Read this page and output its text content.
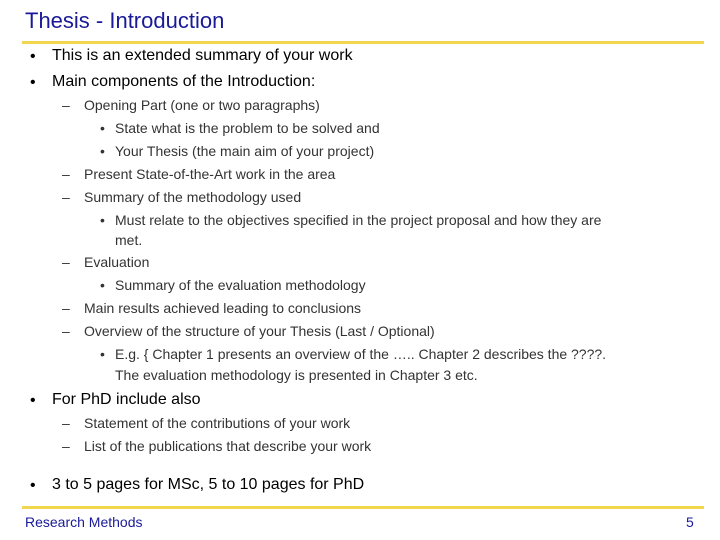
Thesis - Introduction
• This is an extended summary of your work
• Main components of the Introduction:
– Opening Part (one or two paragraphs)
• State what is the problem to be solved and
• Your Thesis (the main aim of your project)
– Present State-of-the-Art work in the area
– Summary of the methodology used
• Must relate to the objectives specified in the project proposal and how they are
met.
– Evaluation
• Summary of the evaluation methodology
– Main results achieved leading to conclusions
– Overview of the structure of your Thesis (Last / Optional)
• E.g. { Chapter 1 presents an overview of the ….. Chapter 2 describes the ????.
The evaluation methodology is presented in Chapter 3 etc.
• For PhD include also
– Statement of the contributions of your work
– List of the publications that describe your work
• 3 to 5 pages for MSc, 5 to 10 pages for PhD
Research Methods	5
